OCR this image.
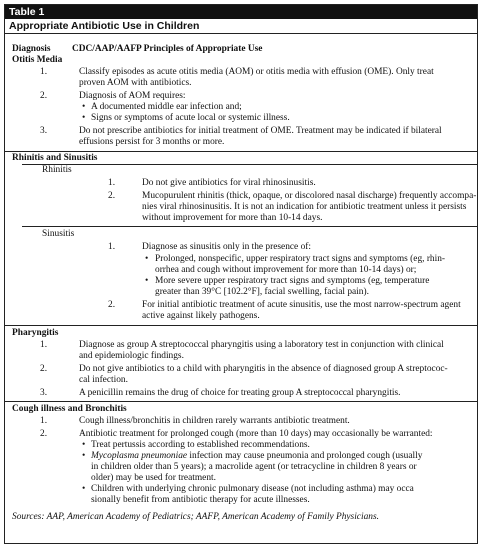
Table 1
Appropriate Antibiotic Use in Children
Diagnosis CDC/AAP/AAFP Principles of Appropriate Use
Otitis Media
1.	Classify episodes as acute otitis media (AOM) or otitis media with effusion (OME). Only treat
proven AOM with antibiotics.
2.	Diagnosis of AOM requires:
• A documented middle ear infection and;
• Signs or symptoms of acute local or systemic illness.
3.	Do not prescribe antibiotics for initial treatment of OME. Treatment may be indicated if bilateral
effusions persist for 3 months or more.
Rhinitis and Sinusitis
Rhinitis
1.	Do not give antibiotics for viral rhinosinusitis.
2.	Mucopurulent rhinitis (thick, opaque, or discolored nasal discharge) frequently accompa-
nies viral rhinosinusitis. It is not an indication for antibiotic treatment unless it persists
without improvement for more than 10-14 days.
Sinusitis
1.	Diagnose as sinusitis only in the presence of:
• Prolonged, nonspecific, upper respiratory tract signs and symptoms (eg, rhin-
orrhea and cough without improvement for more than 10-14 days) or;
• More severe upper respiratory tract signs and symptoms (eg, temperature
greater than 39°C [102.2°F], facial swelling, facial pain).
2.	For initial antibiotic treatment of acute sinusitis, use the most narrow-spectrum agent
active against likely pathogens.
Pharyngitis
1.	Diagnose as group A streptococcal pharyngitis using a laboratory test in conjunction with clinical
and epidemiologic findings.
2.	Do not give antibiotics to a child with pharyngitis in the absence of diagnosed group A streptococ-
cal infection.
3.	A penicillin remains the drug of choice for treating group A streptococcal pharyngitis.
Cough illness and Bronchitis
1.	Cough illness/bronchitis in children rarely warrants antibiotic treatment.
2.	Antibiotic treatment for prolonged cough (more than 10 days) may occasionally be warranted:
• Treat pertussis according to established recommendations.
• Mycoplasma pneumoniae infection may cause pneumonia and prolonged cough (usually
in children older than 5 years); a macrolide agent (or tetracycline in children 8 years or
older) may be used for treatment.
• Children with underlying chronic pulmonary disease (not including asthma) may occa
sionally benefit from antibiotic therapy for acute illnesses.
Sources: AAP, American Academy of Pediatrics; AAFP, American Academy of Family Physicians.
